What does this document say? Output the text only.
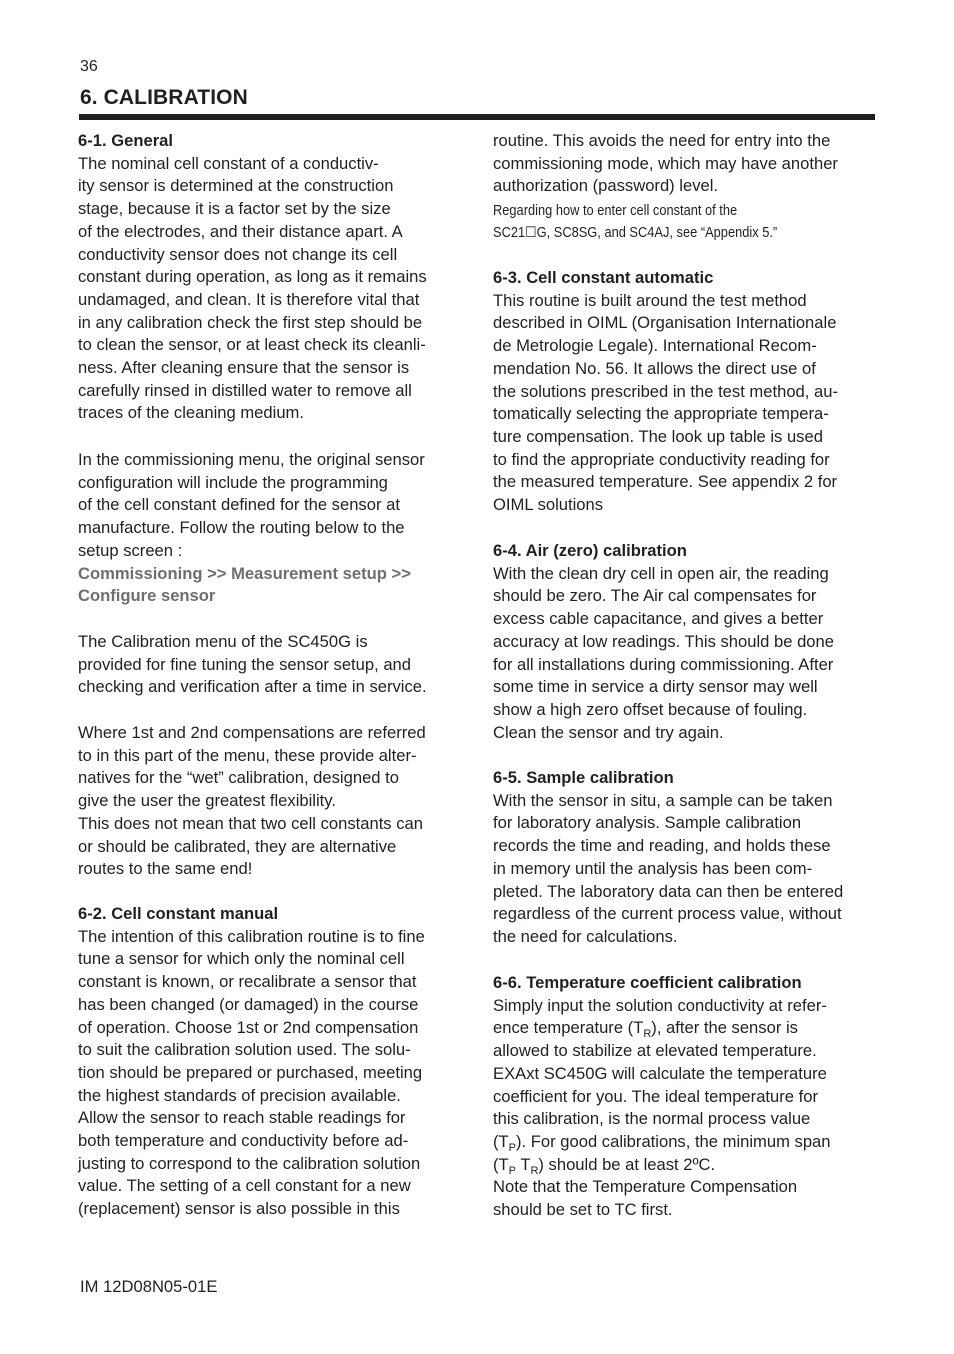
36
6. CALIBRATION
6-1. General
The nominal cell constant of a conductiv-
ity sensor is determined at the construction
stage, because it is a factor set by the size
of the electrodes, and their distance apart. A
conductivity sensor does not change its cell
constant during operation, as long as it remains
undamaged, and clean. It is therefore vital that
in any calibration check the first step should be
to clean the sensor, or at least check its cleanli-
ness. After cleaning ensure that the sensor is
carefully rinsed in distilled water to remove all
traces of the cleaning medium.
In the commissioning menu, the original sensor
configuration will include the programming
of the cell constant defined for the sensor at
manufacture. Follow the routing below to the
setup screen :
Commissioning >> Measurement setup >>
Configure sensor
The Calibration menu of the SC450G is
provided for fine tuning the sensor setup, and
checking and verification after a time in service.
Where 1st and 2nd compensations are referred
to in this part of the menu, these provide alter-
natives for the “wet” calibration, designed to
give the user the greatest flexibility.
This does not mean that two cell constants can
or should be calibrated, they are alternative
routes to the same end!
6-2. Cell constant manual
The intention of this calibration routine is to fine
tune a sensor for which only the nominal cell
constant is known, or recalibrate a sensor that
has been changed (or damaged) in the course
of operation. Choose 1st or 2nd compensation
to suit the calibration solution used. The solu-
tion should be prepared or purchased, meeting
the highest standards of precision available.
Allow the sensor to reach stable readings for
both temperature and conductivity before ad-
justing to correspond to the calibration solution
value. The setting of a cell constant for a new
(replacement) sensor is also possible in this
routine. This avoids the need for entry into the
commissioning mode, which may have another
authorization (password) level.
Regarding how to enter cell constant of the
SC21☐G, SC8SG, and SC4AJ, see “Appendix 5.”
6-3. Cell constant automatic
This routine is built around the test method
described in OIML (Organisation Internationale
de Metrologie Legale). International Recom-
mendation No. 56. It allows the direct use of
the solutions prescribed in the test method, au-
tomatically selecting the appropriate tempera-
ture compensation. The look up table is used
to find the appropriate conductivity reading for
the measured temperature. See appendix 2 for
OIML solutions
6-4. Air (zero) calibration
With the clean dry cell in open air, the reading
should be zero. The Air cal compensates for
excess cable capacitance, and gives a better
accuracy at low readings. This should be done
for all installations during commissioning. After
some time in service a dirty sensor may well
show a high zero offset because of fouling.
Clean the sensor and try again.
6-5. Sample calibration
With the sensor in situ, a sample can be taken
for laboratory analysis. Sample calibration
records the time and reading, and holds these
in memory until the analysis has been com-
pleted. The laboratory data can then be entered
regardless of the current process value, without
the need for calculations.
6-6. Temperature coefficient calibration
Simply input the solution conductivity at refer-
ence temperature $(T_R)$, after the sensor is
allowed to stabilize at elevated temperature.
EXAxt SC450G will calculate the temperature
coefficient for you. The ideal temperature for
this calibration, is the normal process value
$(T_P)$. For good calibrations, the minimum span
($T_P$ $T_R$) should be at least 2ºC.
Note that the Temperature Compensation
should be set to TC first.
IM 12D08N05-01E
